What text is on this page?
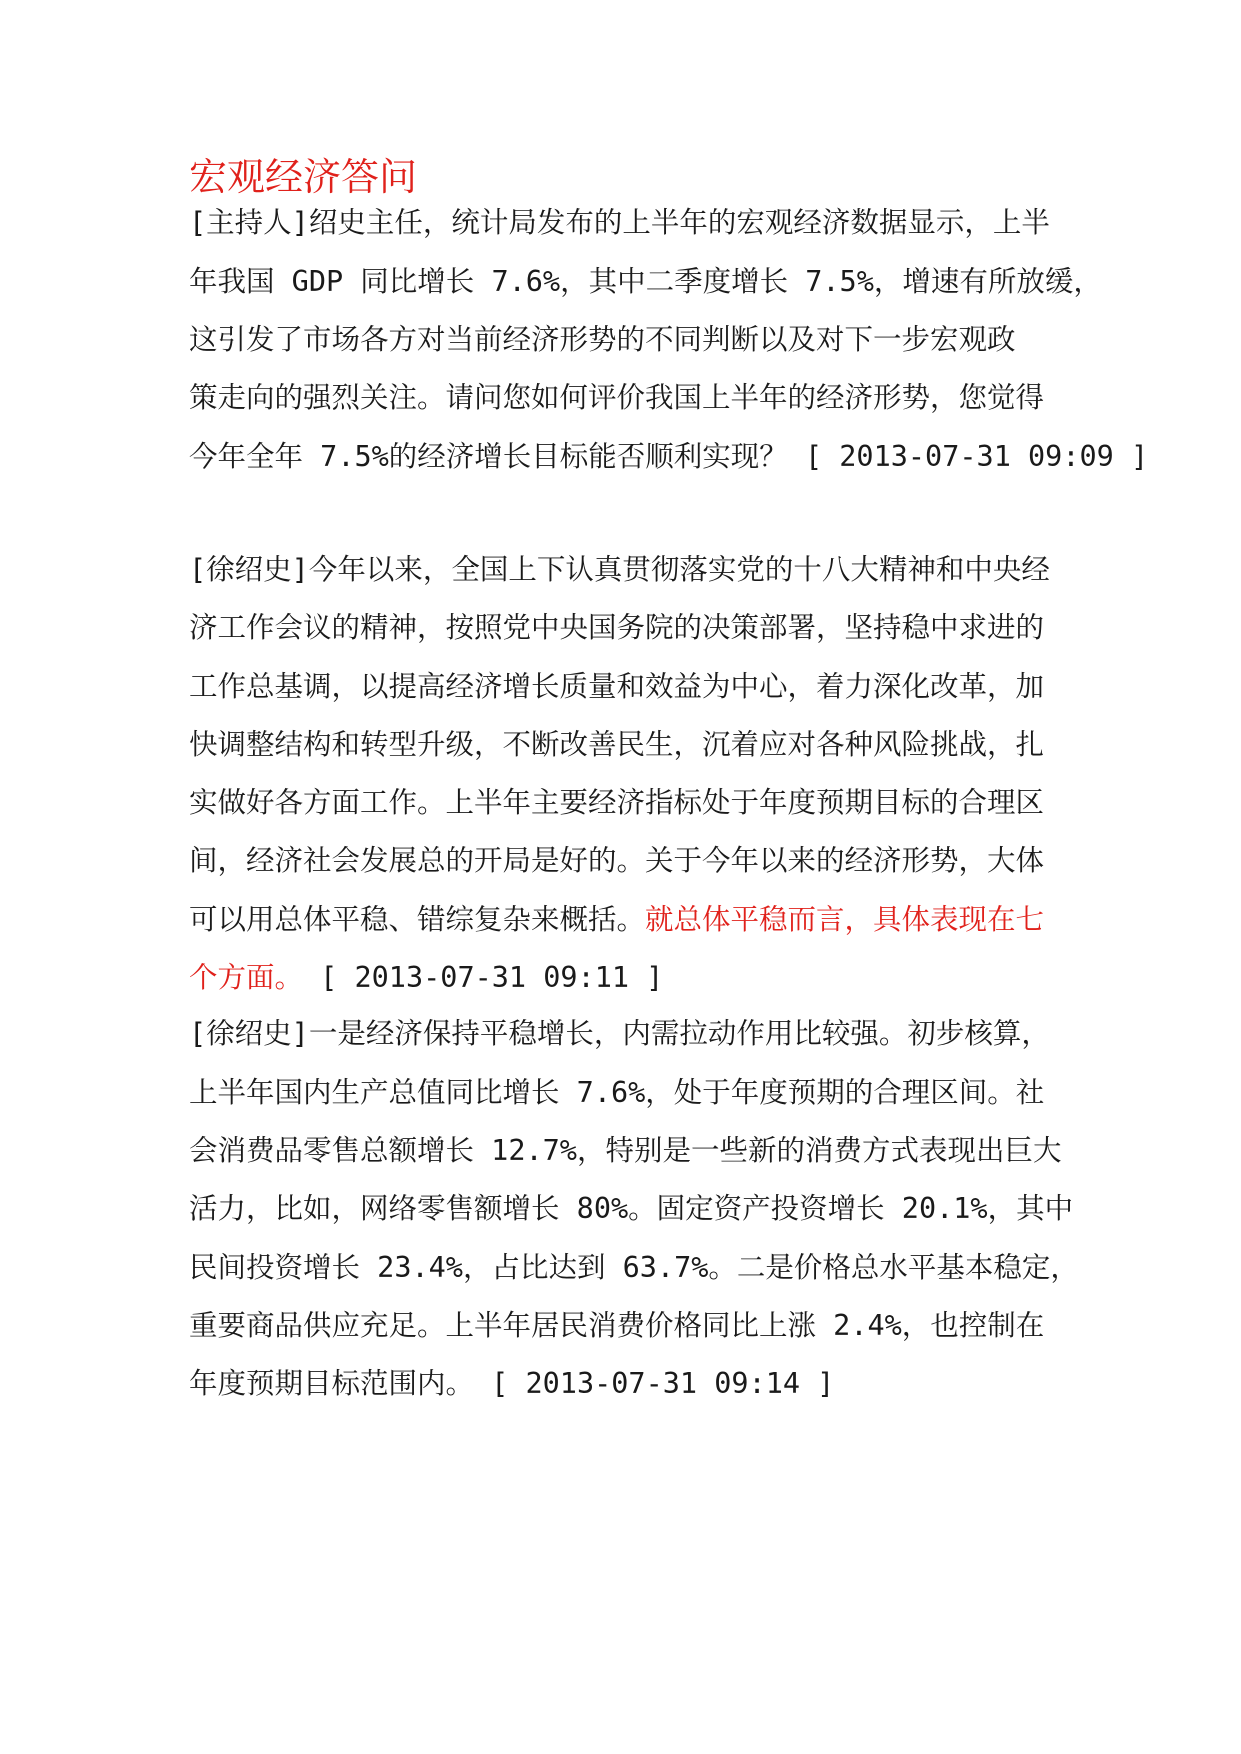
宏观经济答问
[主持人]绍史主任，统计局发布的上半年的宏观经济数据显示，上半
年我国 GDP 同比增长 7.6%，其中二季度增长 7.5%，增速有所放缓，
这引发了市场各方对当前经济形势的不同判断以及对下一步宏观政
策走向的强烈关注。请问您如何评价我国上半年的经济形势，您觉得
今年全年 7.5%的经济增长目标能否顺利实现？ [ 2013-07-31 09:09 ]
[徐绍史]今年以来，全国上下认真贯彻落实党的十八大精神和中央经
济工作会议的精神，按照党中央国务院的决策部署，坚持稳中求进的
工作总基调，以提高经济增长质量和效益为中心，着力深化改革，加
快调整结构和转型升级，不断改善民生，沉着应对各种风险挑战，扎
实做好各方面工作。上半年主要经济指标处于年度预期目标的合理区
间，经济社会发展总的开局是好的。关于今年以来的经济形势，大体
可以用总体平稳、错综复杂来概括。就总体平稳而言，具体表现在七
个方面。 [ 2013-07-31 09:11 ]
[徐绍史]一是经济保持平稳增长，内需拉动作用比较强。初步核算，
上半年国内生产总值同比增长 7.6%，处于年度预期的合理区间。社
会消费品零售总额增长 12.7%，特别是一些新的消费方式表现出巨大
活力，比如，网络零售额增长 80%。固定资产投资增长 20.1%，其中
民间投资增长 23.4%，占比达到 63.7%。二是价格总水平基本稳定，
重要商品供应充足。上半年居民消费价格同比上涨 2.4%，也控制在
年度预期目标范围内。 [ 2013-07-31 09:14 ]
